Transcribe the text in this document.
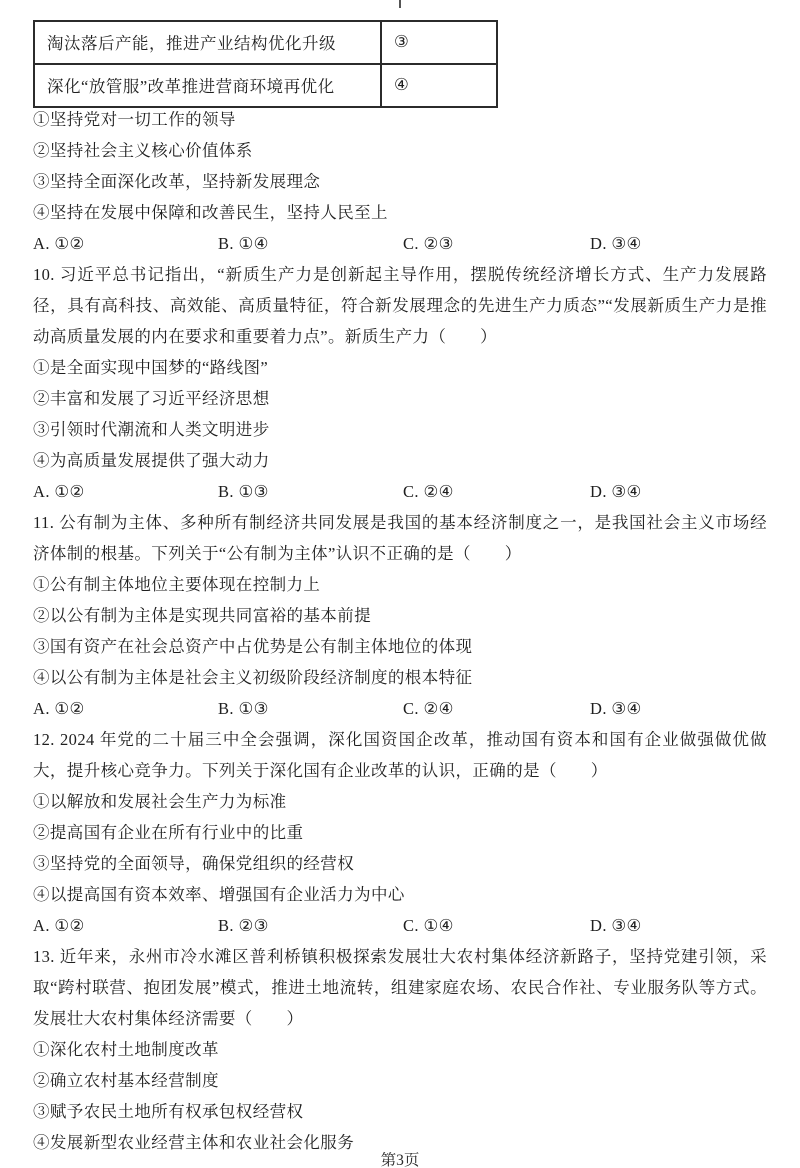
淘汰落后产能，推进产业结构优化升级	③
深化“放管服”改革推进营商环境再优化	④

①坚持党对一切工作的领导

②坚持社会主义核心价值体系

③坚持全面深化改革，坚持新发展理念

④坚持在发展中保障和改善民生，坚持人民至上

A. ①②	B. ①④	C. ②③	D. ③④

10. 习近平总书记指出，“新质生产力是创新起主导作用，摆脱传统经济增长方式、生产力发展路径，具有高科技、高效能、高质量特征，符合新发展理念的先进生产力质态”“发展新质生产力是推动高质量发展的内在要求和重要着力点”。新质生产力（　　）

①是全面实现中国梦的“路线图”

②丰富和发展了习近平经济思想

③引领时代潮流和人类文明进步

④为高质量发展提供了强大动力

A. ①②	B. ①③	C. ②④	D. ③④

11. 公有制为主体、多种所有制经济共同发展是我国的基本经济制度之一，是我国社会主义市场经济体制的根基。下列关于“公有制为主体”认识不正确的是（　　）

①公有制主体地位主要体现在控制力上

②以公有制为主体是实现共同富裕的基本前提

③国有资产在社会总资产中占优势是公有制主体地位的体现

④以公有制为主体是社会主义初级阶段经济制度的根本特征

A. ①②	B. ①③	C. ②④	D. ③④

12. 2024 年党的二十届三中全会强调，深化国资国企改革，推动国有资本和国有企业做强做优做大，提升核心竞争力。下列关于深化国有企业改革的认识，正确的是（　　）

①以解放和发展社会生产力为标准

②提高国有企业在所有行业中的比重

③坚持党的全面领导，确保党组织的经营权

④以提高国有资本效率、增强国有企业活力为中心

A. ①②	B. ②③	C. ①④	D. ③④

13. 近年来，永州市冷水滩区普利桥镇积极探索发展壮大农村集体经济新路子，坚持党建引领，采取“跨村联营、抱团发展”模式，推进土地流转，组建家庭农场、农民合作社、专业服务队等方式。发展壮大农村集体经济需要（　　）

①深化农村土地制度改革

②确立农村基本经营制度

③赋予农民土地所有权承包权经营权

④发展新型农业经营主体和农业社会化服务

第3页
